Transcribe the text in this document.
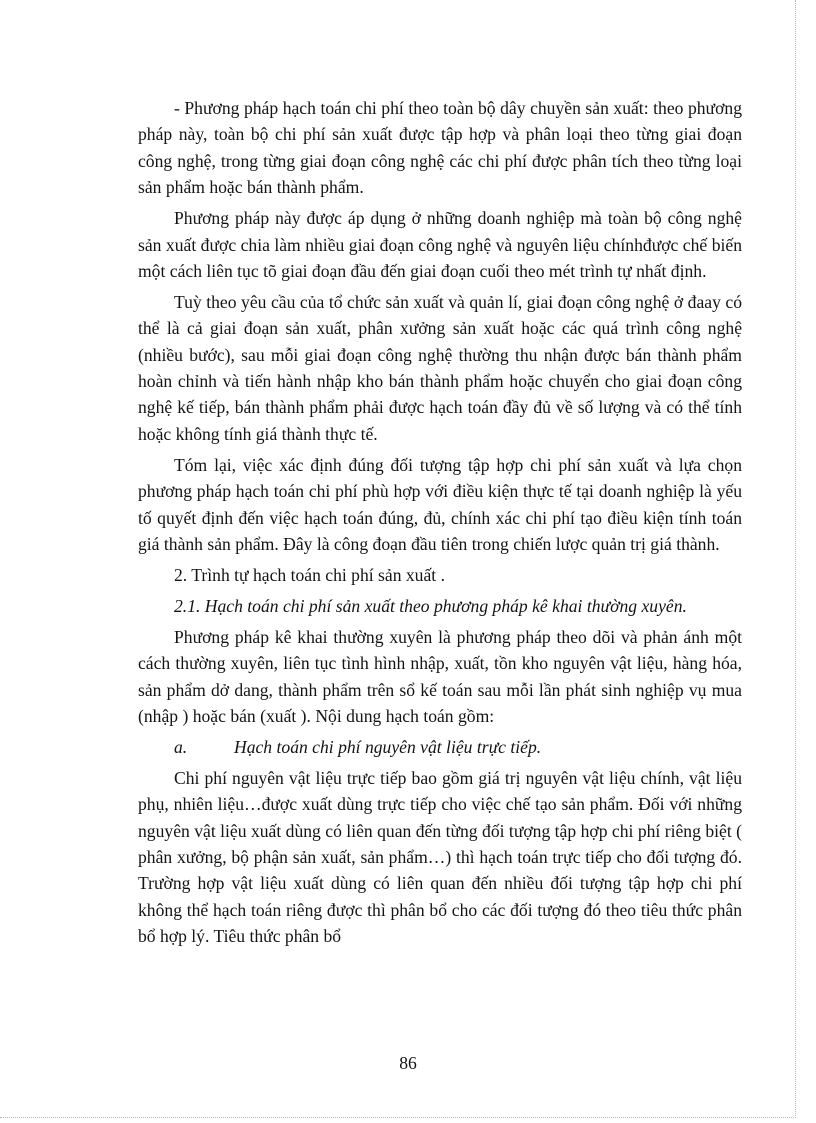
- Phương pháp hạch toán chi phí theo toàn bộ dây chuyền sản xuất: theo phương pháp này, toàn bộ chi phí sản xuất được tập hợp và phân loại theo từng giai đoạn công nghệ, trong từng giai đoạn công nghệ các chi phí được phân tích theo từng loại sản phẩm hoặc bán thành phẩm.

Phương pháp này được áp dụng ở những doanh nghiệp mà toàn bộ công nghệ sản xuất được chia làm nhiều giai đoạn công nghệ và nguyên liệu chínhđược chế biến một cách liên tục tõ giai đoạn đầu đến giai đoạn cuối theo mét trình tự nhất định.

Tuỳ theo yêu cầu của tổ chức sản xuất và quản lí, giai đoạn công nghệ ở đaay có thể là cả giai đoạn sản xuất, phân xưởng sản xuất hoặc các quá trình công nghệ (nhiều bước), sau mỗi giai đoạn công nghệ thường thu nhận được bán thành phẩm hoàn chỉnh và tiến hành nhập kho bán thành phẩm hoặc chuyển cho giai đoạn công nghệ kế tiếp, bán thành phẩm phải được hạch toán đầy đủ về số lượng và có thể tính hoặc không tính giá thành thực tế.

Tóm lại, việc xác định đúng đối tượng tập hợp chi phí sản xuất và lựa chọn phương pháp hạch toán chi phí phù hợp với điều kiện thực tế tại doanh nghiệp là yếu tố quyết định đến việc hạch toán đúng, đủ, chính xác chi phí tạo điều kiện tính toán giá thành sản phẩm. Đây là công đoạn đầu tiên trong chiến lược quản trị giá thành.

2. Trình tự hạch toán chi phí sản xuất .

2.1. Hạch toán chi phí sản xuất theo phương pháp kê khai thường xuyên.

Phương pháp kê khai thường xuyên là phương pháp theo dõi và phản ánh một cách thường xuyên, liên tục tình hình nhập, xuất, tồn kho nguyên vật liệu, hàng hóa, sản phẩm dở dang, thành phẩm trên sổ kế toán sau mỗi lần phát sinh nghiệp vụ mua (nhập ) hoặc bán (xuất ). Nội dung hạch toán gồm:

a.	Hạch toán chi phí nguyên vật liệu trực tiếp.

Chi phí nguyên vật liệu trực tiếp bao gồm giá trị nguyên vật liệu chính, vật liệu phụ, nhiên liệu…được xuất dùng trực tiếp cho việc chế tạo sản phẩm. Đối với những nguyên vật liệu xuất dùng có liên quan đến từng đối tượng tập hợp chi phí riêng biệt ( phân xưởng, bộ phận sản xuất, sản phẩm…) thì hạch toán trực tiếp cho đối tượng đó. Trường hợp vật liệu xuất dùng có liên quan đến nhiều đối tượng tập hợp chi phí không thể hạch toán riêng được thì phân bổ cho các đối tượng đó theo tiêu thức phân bổ hợp lý. Tiêu thức phân bổ

86
